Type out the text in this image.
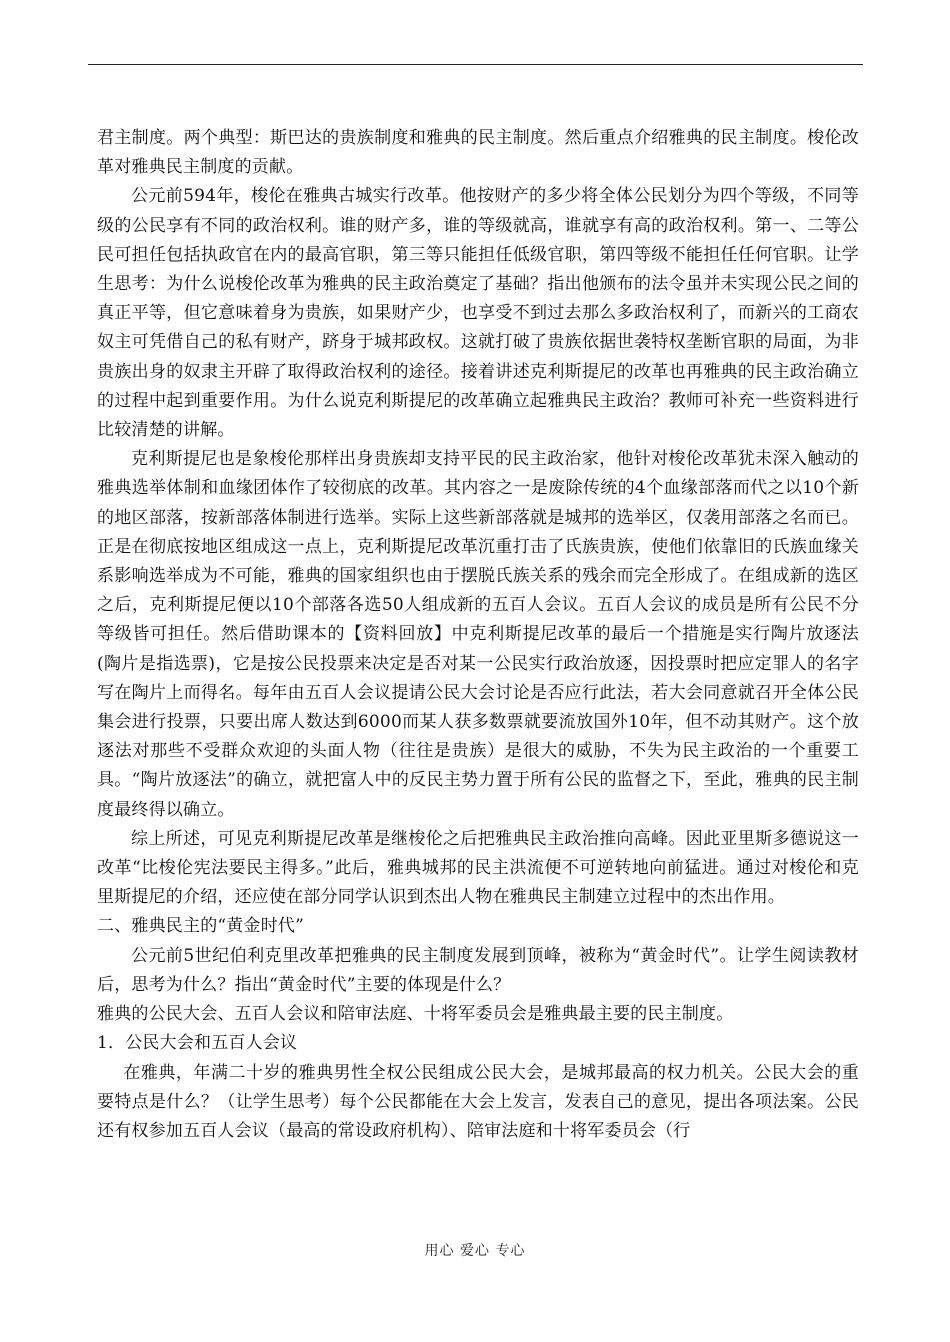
君主制度。两个典型：斯巴达的贵族制度和雅典的民主制度。然后重点介绍雅典的民主制度。梭伦改革对雅典民主制度的贡献。

公元前594年，梭伦在雅典古城实行改革。他按财产的多少将全体公民划分为四个等级，不同等级的公民享有不同的政治权利。谁的财产多，谁的等级就高，谁就享有高的政治权利。第一、二等公民可担任包括执政官在内的最高官职，第三等只能担任低级官职，第四等级不能担任任何官职。让学生思考：为什么说梭伦改革为雅典的民主政治奠定了基础？指出他颁布的法令虽并未实现公民之间的真正平等，但它意味着身为贵族，如果财产少，也享受不到过去那么多政治权利了，而新兴的工商农奴主可凭借自己的私有财产，跻身于城邦政权。这就打破了贵族依据世袭特权垄断官职的局面，为非贵族出身的奴隶主开辟了取得政治权利的途径。接着讲述克利斯提尼的改革也再雅典的民主政治确立的过程中起到重要作用。为什么说克利斯提尼的改革确立起雅典民主政治？教师可补充一些资料进行比较清楚的讲解。

克利斯提尼也是象梭伦那样出身贵族却支持平民的民主政治家，他针对梭伦改革犹未深入触动的雅典选举体制和血缘团体作了较彻底的改革。其内容之一是废除传统的4个血缘部落而代之以10个新的地区部落，按新部落体制进行选举。实际上这些新部落就是城邦的选举区，仅袭用部落之名而已。正是在彻底按地区组成这一点上，克利斯提尼改革沉重打击了氏族贵族，使他们依靠旧的氏族血缘关系影响选举成为不可能，雅典的国家组织也由于摆脱氏族关系的残余而完全形成了。在组成新的选区之后，克利斯提尼便以10个部落各选50人组成新的五百人会议。五百人会议的成员是所有公民不分等级皆可担任。然后借助课本的【资料回放】中克利斯提尼改革的最后一个措施是实行陶片放逐法(陶片是指选票)，它是按公民投票来决定是否对某一公民实行政治放逐，因投票时把应定罪人的名字写在陶片上而得名。每年由五百人会议提请公民大会讨论是否应行此法，若大会同意就召开全体公民集会进行投票，只要出席人数达到6000而某人获多数票就要流放国外10年，但不动其财产。这个放逐法对那些不受群众欢迎的头面人物（往往是贵族）是很大的威胁，不失为民主政治的一个重要工具。“陶片放逐法”的确立，就把富人中的反民主势力置于所有公民的监督之下，至此，雅典的民主制度最终得以确立。

综上所述，可见克利斯提尼改革是继梭伦之后把雅典民主政治推向高峰。因此亚里斯多德说这一改革“比梭伦宪法要民主得多。”此后，雅典城邦的民主洪流便不可逆转地向前猛进。通过对梭伦和克里斯提尼的介绍，还应使在部分同学认识到杰出人物在雅典民主制建立过程中的杰出作用。

二、雅典民主的“黄金时代”

公元前5世纪伯利克里改革把雅典的民主制度发展到顶峰，被称为“黄金时代”。让学生阅读教材后，思考为什么？指出“黄金时代”主要的体现是什么？

雅典的公民大会、五百人会议和陪审法庭、十将军委员会是雅典最主要的民主制度。

1．公民大会和五百人会议

在雅典，年满二十岁的雅典男性全权公民组成公民大会，是城邦最高的权力机关。公民大会的重要特点是什么？（让学生思考）每个公民都能在大会上发言，发表自己的意见，提出各项法案。公民还有权参加五百人会议（最高的常设政府机构）、陪审法庭和十将军委员会（行

用心 爱心 专心
